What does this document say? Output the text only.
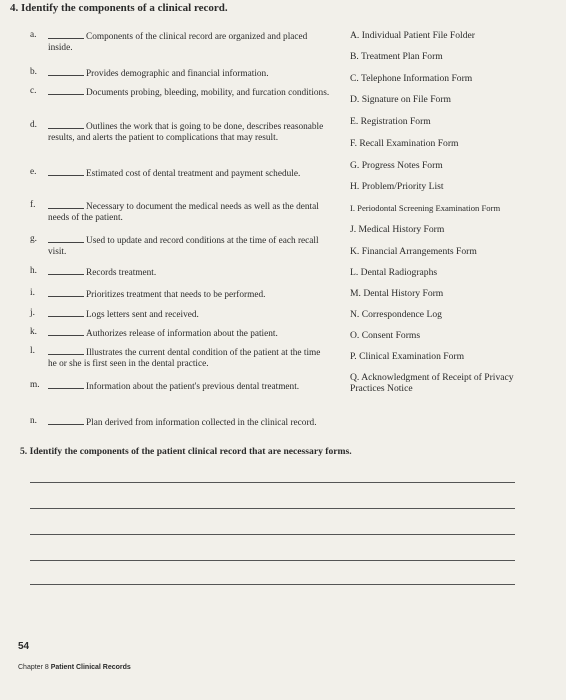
4. Identify the components of a clinical record.
a.	Components of the clinical record are organized and placed inside.
b.	Provides demographic and financial information.
c.	Documents probing, bleeding, mobility, and furcation conditions.
d.	Outlines the work that is going to be done, describes reasonable results, and alerts the patient to complications that may result.
e.	Estimated cost of dental treatment and payment schedule.
f.	Necessary to document the medical needs as well as the dental needs of the patient.
g.	Used to update and record conditions at the time of each recall visit.
h.	Records treatment.
i.	Prioritizes treatment that needs to be performed.
j.	Logs letters sent and received.
k.	Authorizes release of information about the patient.
l.	Illustrates the current dental condition of the patient at the time he or she is first seen in the dental practice.
m.	Information about the patient's previous dental treatment.
n.	Plan derived from information collected in the clinical record.
A. Individual Patient File Folder
B. Treatment Plan Form
C. Telephone Information Form
D. Signature on File Form
E. Registration Form
F. Recall Examination Form
G. Progress Notes Form
H. Problem/Priority List
I. Periodontal Screening Examination Form
J. Medical History Form
K. Financial Arrangements Form
L. Dental Radiographs
M. Dental History Form
N. Correspondence Log
O. Consent Forms
P. Clinical Examination Form
Q. Acknowledgment of Receipt of Privacy Practices Notice
5. Identify the components of the patient clinical record that are necessary forms.
54
Chapter 8 Patient Clinical Records
